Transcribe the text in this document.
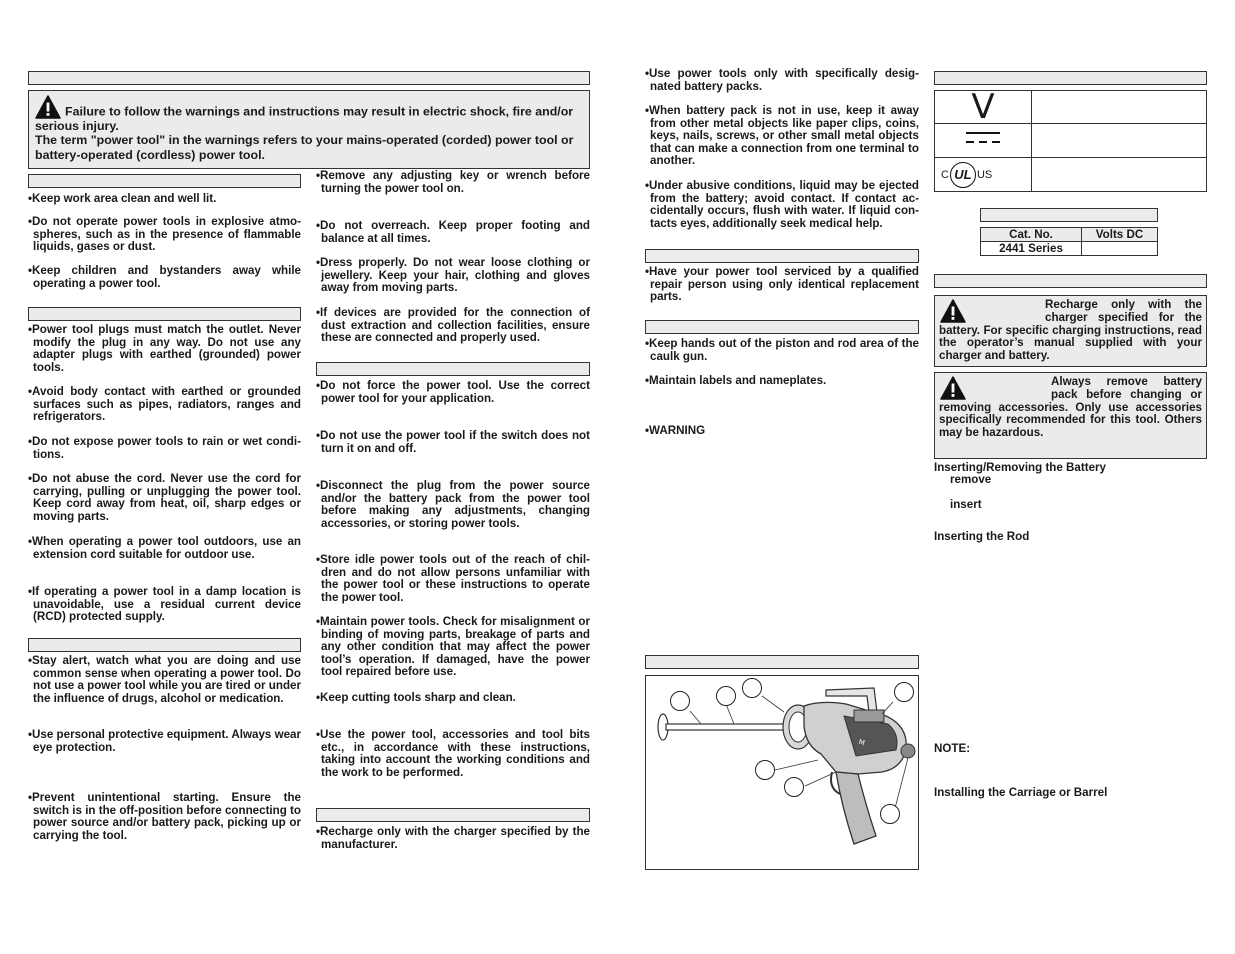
Failure to follow the warnings and instructions may result in electric shock, fire and/or serious injury.
The term "power tool" in the warnings refers to your mains-operated (corded) power tool or battery-operated (cordless) power tool.
•Keep work area clean and well lit.
•Do not operate power tools in explosive atmospheres, such as in the presence of flammable liquids, gases or dust.
•Keep children and bystanders away while operating a power tool.
•Power tool plugs must match the outlet. Never modify the plug in any way. Do not use any adapter plugs with earthed (grounded) power tools.
•Avoid body contact with earthed or grounded surfaces such as pipes, radiators, ranges and refrigerators.
•Do not expose power tools to rain or wet conditions.
•Do not abuse the cord. Never use the cord for carrying, pulling or unplugging the power tool. Keep cord away from heat, oil, sharp edges or moving parts.
•When operating a power tool outdoors, use an extension cord suitable for outdoor use.
•If operating a power tool in a damp location is unavoidable, use a residual current device (RCD) protected supply.
•Stay alert, watch what you are doing and use common sense when operating a power tool. Do not use a power tool while you are tired or under the influence of drugs, alcohol or medication.
•Use personal protective equipment. Always wear eye protection.
•Prevent unintentional starting. Ensure the switch is in the off-position before connecting to power source and/or battery pack, picking up or carrying the tool.
•Remove any adjusting key or wrench before turning the power tool on.
•Do not overreach. Keep proper footing and balance at all times.
•Dress properly. Do not wear loose clothing or jewellery. Keep your hair, clothing and gloves away from moving parts.
•If devices are provided for the connection of dust extraction and collection facilities, ensure these are connected and properly used.
•Do not force the power tool. Use the correct power tool for your application.
•Do not use the power tool if the switch does not turn it on and off.
•Disconnect the plug from the power source and/or the battery pack from the power tool before making any adjustments, changing accessories, or storing power tools.
•Store idle power tools out of the reach of children and do not allow persons unfamiliar with the power tool or these instructions to operate the power tool.
•Maintain power tools. Check for misalignment or binding of moving parts, breakage of parts and any other condition that may affect the power tool’s operation. If damaged, have the power tool repaired before use.
•Keep cutting tools sharp and clean.
•Use the power tool, accessories and tool bits etc., in accordance with these instructions, taking into account the working conditions and the work to be performed.
•Recharge only with the charger specified by the manufacturer.
•Use power tools only with specifically designated battery packs.
•When battery pack is not in use, keep it away from other metal objects like paper clips, coins, keys, nails, screws, or other small metal objects that can make a connection from one terminal to another.
•Under abusive conditions, liquid may be ejected from the battery; avoid contact. If contact accidentally occurs, flush with water. If liquid contacts eyes, additionally seek medical help.
•Have your power tool serviced by a qualified repair person using only identical replacement parts.
•Keep hands out of the piston and rod area of the caulk gun.
•Maintain labels and nameplates.
•WARNING
M
V	

C UL US	

Cat. No.	Volts DC
2441 Series	
Recharge only with the charger specified for the battery. For specific charging instructions, read the operator’s manual supplied with your charger and battery.
Always remove battery pack before changing or removing accessories. Only use accessories specifically recommended for this tool. Others may be hazardous.
Inserting/Removing the Battery
remove
insert
Inserting the Rod
NOTE:
Installing the Carriage or Barrel
